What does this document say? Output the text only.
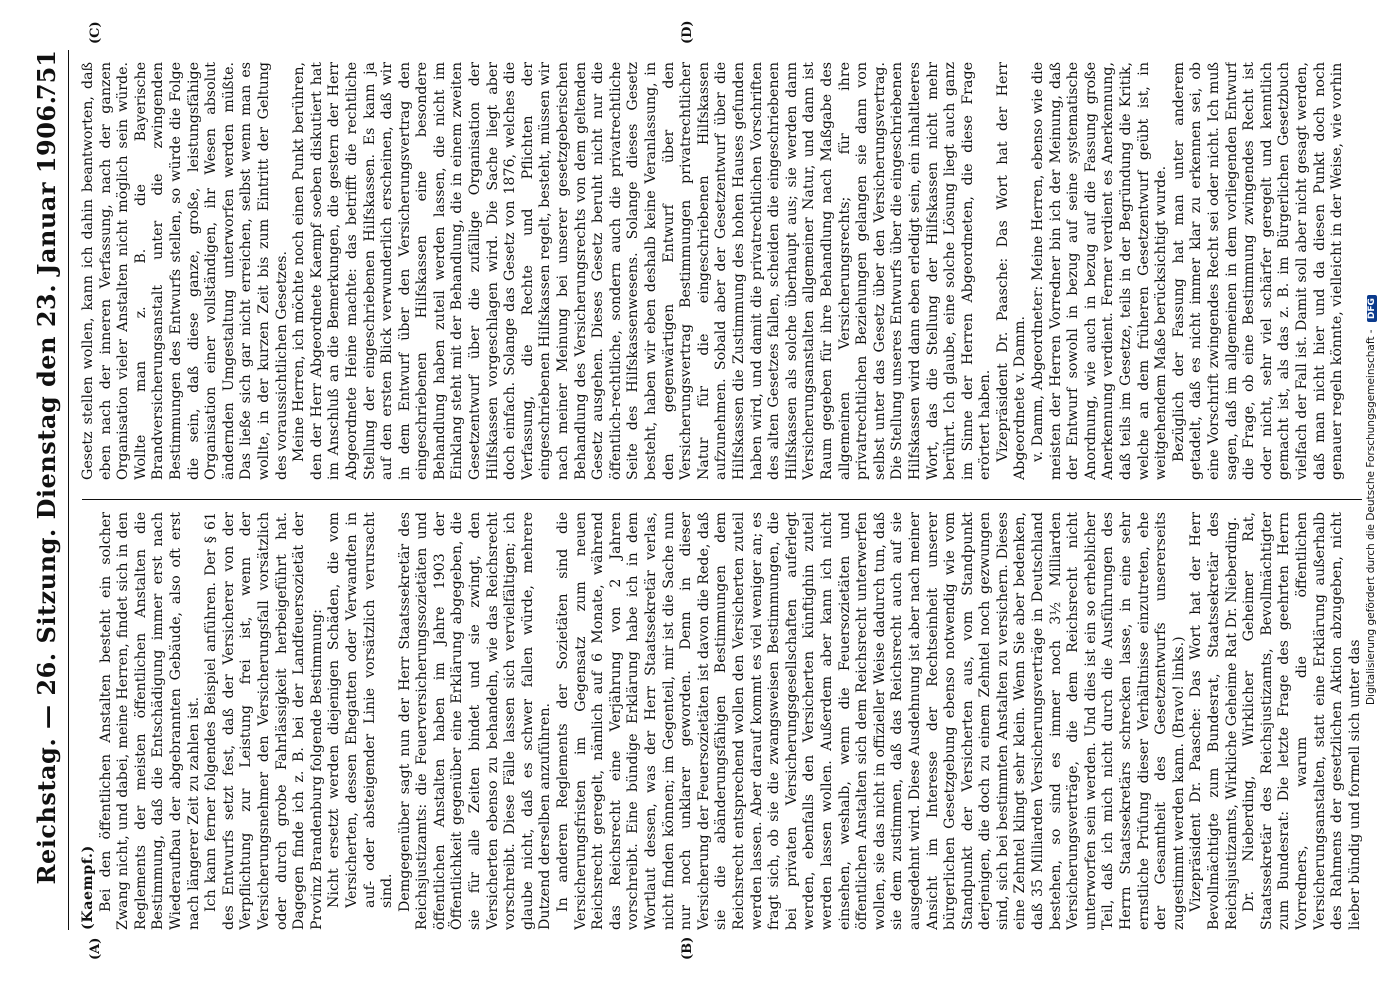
Reichstag. — 26. Sitzung. Dienstag den 23. Januar 1906.
751
(A)	(B)
(C)	(D)

(Kaempf.) Bei den öffentlichen Anstalten besteht ein solcher Zwang nicht, und dabei, meine Herren, findet sich in den Reglements der meisten öffentlichen Anstalten die Bestimmung, daß die Entschädigung immer erst nach Wiederaufbau der abgebrannten Gebäude, also oft erst nach längerer Zeit zu zahlen ist. Ich kann ferner folgendes Beispiel anführen. Der § 61 des Entwurfs setzt fest, daß der Versicherer von der Verpflichtung zur Leistung frei ist, wenn der Versicherungsnehmer den Versicherungsfall vorsätzlich oder durch grobe Fahrlässigkeit herbeigeführt hat. Dagegen finde ich z. B. bei der Landfeuersozietät der Provinz Brandenburg folgende Bestimmung: Nicht ersetzt werden diejenigen Schäden, die vom Versicherten, dessen Ehegatten oder Verwandten in auf- oder absteigender Linie vorsätzlich verursacht sind. Demgegenüber sagt nun der Herr Staatssekretär des Reichsjustizamts: die Feuerversicherungssozietäten und öffentlichen Anstalten haben im Jahre 1903 der Öffentlichkeit gegenüber eine Erklärung abgegeben, die sie für alle Zeiten bindet und sie zwingt, den Versicherten ebenso zu behandeln, wie das Reichsrecht vorschreibt. Diese Fälle lassen sich vervielfältigen; ich glaube nicht, daß es schwer fallen würde, mehrere Dutzend derselben anzuführen. In anderen Reglements der Sozietäten sind die Versicherungsfristen im Gegensatz zum neuen Reichsrecht geregelt, nämlich auf 6 Monate, während das Reichsrecht eine Verjährung von 2 Jahren vorschreibt. Eine bündige Erklärung habe ich in dem Wortlaut dessen, was der Herr Staatssekretär verlas, nicht finden können; im Gegenteil, mir ist die Sache nun nur noch unklarer geworden. Denn in dieser Versicherung der Feuersozietäten ist davon die Rede, daß sie die abänderungsfähigen Bestimmungen dem Reichsrecht entsprechend wollen den Versicherten zuteil werden lassen. Aber darauf kommt es viel weniger an; es fragt sich, ob sie die zwangsweisen Bestimmungen, die bei privaten Versicherungsgesellschaften auferlegt werden, ebenfalls den Versicherten künftighin zuteil werden lassen wollen. Außerdem aber kann ich nicht einsehen, weshalb, wenn die Feuersozietäten und öffentlichen Anstalten sich dem Reichsrecht unterwerfen wollen, sie das nicht in offizieller Weise dadurch tun, daß sie dem zustimmen, daß das Reichsrecht auch auf sie ausgedehnt wird. Diese Ausdehnung ist aber nach meiner Ansicht im Interesse der Rechtseinheit unserer bürgerlichen Gesetzgebung ebenso notwendig wie vom Standpunkt der Versicherten aus, vom Standpunkt derjenigen, die doch zu einem Zehntel noch gezwungen sind, sich bei bestimmten Anstalten zu versichern. Dieses eine Zehntel klingt sehr klein. Wenn Sie aber bedenken, daß 35 Milliarden Versicherungsverträge in Deutschland bestehen, so sind es immer noch 3½ Milliarden Versicherungsverträge, die dem Reichsrecht nicht unterworfen sein werden. Und dies ist ein so erheblicher Teil, daß ich mich nicht durch die Ausführungen des Herrn Staatssekretärs schrecken lasse, in eine sehr ernstliche Prüfung dieser Verhältnisse einzutreten, ehe der Gesamtheit des Gesetzentwurfs unsererseits zugestimmt werden kann. (Bravo! links.) Vizepräsident Dr. Paasche: Das Wort hat der Herr Bevollmächtigte zum Bundesrat, Staatssekretär des Reichsjustizamts, Wirkliche Geheime Rat Dr. Nieberding. Dr. Nieberding, Wirklicher Geheimer Rat, Staatssekretär des Reichsjustizamts, Bevollmächtigter zum Bundesrat: Die letzte Frage des geehrten Herrn Vorredners, warum die öffentlichen Versicherungsanstalten, statt eine Erklärung außerhalb des Rahmens der gesetzlichen Aktion abzugeben, nicht lieber bündig und formell sich unter das

Gesetz stellen wollen, kann ich dahin beantworten, daß eben nach der inneren Verfassung, nach der ganzen Organisation vieler Anstalten nicht möglich sein würde. Wollte man z. B. die Bayerische Brandversicherungsanstalt unter die zwingenden Bestimmungen des Entwurfs stellen, so würde die Folge die sein, daß diese ganze, große, leistungsfähige Organisation einer vollständigen, ihr Wesen absolut ändernden Umgestaltung unterworfen werden müßte. Das ließe sich gar nicht erreichen, selbst wenn man es wollte, in der kurzen Zeit bis zum Eintritt der Geltung des voraussichtlichen Gesetzes. Meine Herren, ich möchte noch einen Punkt berühren, den der Herr Abgeordnete Kaempf soeben diskutiert hat im Anschluß an die Bemerkungen, die gestern der Herr Abgeordnete Heine machte: das betrifft die rechtliche Stellung der eingeschriebenen Hilfskassen. Es kann ja auf den ersten Blick verwunderlich erscheinen, daß wir in dem Entwurf über den Versicherungsvertrag den eingeschriebenen Hilfskassen eine besondere Behandlung haben zuteil werden lassen, die nicht im Einklang steht mit der Behandlung, die in einem zweiten Gesetzentwurf über die zufällige Organisation der Hilfskassen vorgeschlagen wird. Die Sache liegt aber doch einfach. Solange das Gesetz von 1876, welches die Verfassung, die Rechte und Pflichten der eingeschriebenen Hilfskassen regelt, besteht, müssen wir nach meiner Meinung bei unserer gesetzgeberischen Behandlung des Versicherungsrechts von dem geltenden Gesetz ausgehen. Dieses Gesetz beruht nicht nur die öffentlich-rechtliche, sondern auch die privatrechtliche Seite des Hilfskassenwesens. Solange dieses Gesetz besteht, haben wir eben deshalb keine Veranlassung, in den gegenwärtigen Entwurf über den Versicherungsvertrag Bestimmungen privatrechtlicher Natur für die eingeschriebenen Hilfskassen aufzunehmen. Sobald aber der Gesetzentwurf über die Hilfskassen die Zustimmung des hohen Hauses gefunden haben wird, und damit die privatrechtlichen Vorschriften des alten Gesetzes fallen, scheiden die eingeschriebenen Hilfskassen als solche überhaupt aus; sie werden dann Versicherungsanstalten allgemeiner Natur, und dann ist Raum gegeben für ihre Behandlung nach Maßgabe des allgemeinen Versicherungsrechts; für ihre privatrechtlichen Beziehungen gelangen sie dann von selbst unter das Gesetz über den Versicherungsvertrag. Die Stellung unseres Entwurfs über die eingeschriebenen Hilfskassen wird dann eben erledigt sein, ein inhaltleeres Wort, das die Stellung der Hilfskassen nicht mehr berührt. Ich glaube, eine solche Lösung liegt auch ganz im Sinne der Herren Abgeordneten, die diese Frage erörtert haben. Vizepräsident Dr. Paasche: Das Wort hat der Herr Abgeordnete v. Damm. v. Damm, Abgeordneter: Meine Herren, ebenso wie die meisten der Herren Vorredner bin ich der Meinung, daß der Entwurf sowohl in bezug auf seine systematische Anordnung, wie auch in bezug auf die Fassung große Anerkennung verdient. Ferner verdient es Anerkennung, daß teils im Gesetze, teils in der Begründung die Kritik, welche an dem früheren Gesetzentwurf geübt ist, in weitgehendem Maße berücksichtigt wurde. Bezüglich der Fassung hat man unter anderem getadelt, daß es nicht immer klar zu erkennen sei, ob eine Vorschrift zwingendes Recht sei oder nicht. Ich muß sagen, daß im allgemeinen in dem vorliegenden Entwurf die Frage, ob eine Bestimmung zwingendes Recht ist oder nicht, sehr viel schärfer geregelt und kenntlich gemacht ist, als das z. B. im Bürgerlichen Gesetzbuch vielfach der Fall ist. Damit soll aber nicht gesagt werden, daß man nicht hier und da diesen Punkt doch noch genauer regeln könnte, vielleicht in der Weise, wie vorhin

Digitalisierung gefördert durch die Deutsche Forschungsgemeinschaft - DFG
